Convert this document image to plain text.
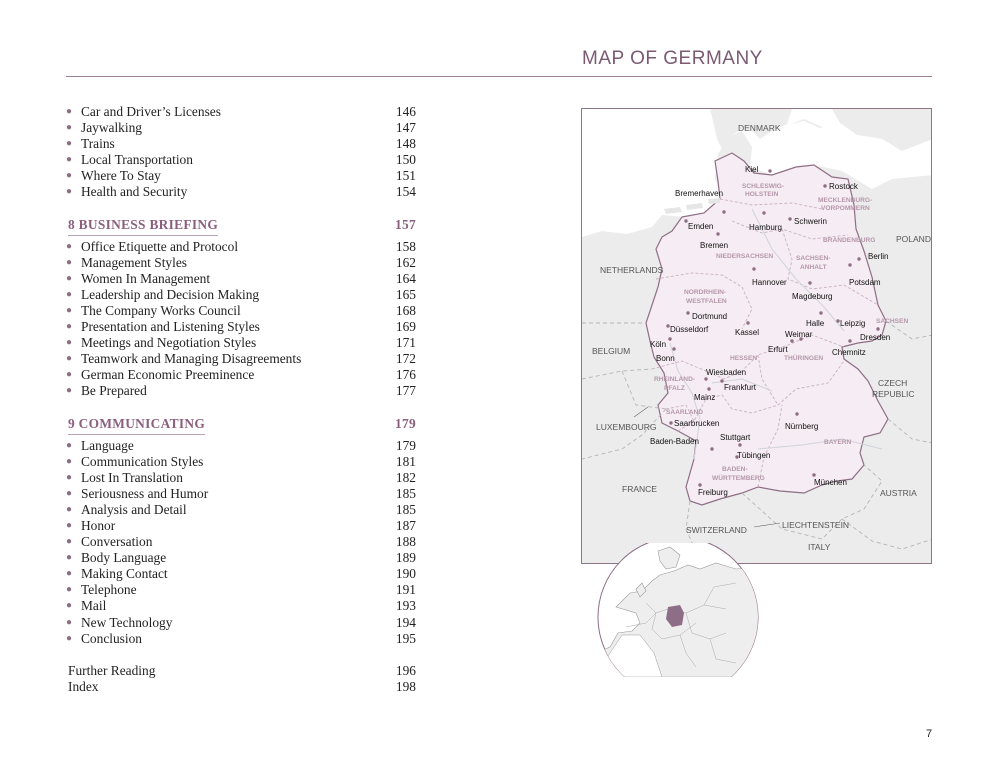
MAP OF GERMANY
● Car and Driver’s Licenses	146
● Jaywalking	147
● Trains	148
● Local Transportation	150
● Where To Stay	151
● Health and Security	154
8 BUSINESS BRIEFING	157
● Office Etiquette and Protocol	158
● Management Styles	162
● Women In Management	164
● Leadership and Decision Making	165
● The Company Works Council	168
● Presentation and Listening Styles	169
● Meetings and Negotiation Styles	171
● Teamwork and Managing Disagreements	172
● German Economic Preeminence	176
● Be Prepared	177
9 COMMUNICATING	179
● Language	179
● Communication Styles	181
● Lost In Translation	182
● Seriousness and Humor	185
● Analysis and Detail	185
● Honor	187
● Conversation	188
● Body Language	189
● Making Contact	190
● Telephone	191
● Mail	193
● New Technology	194
● Conclusion	195
Further Reading	196
Index	198
DENMARK
POLAND
NETHERLANDS
BELGIUM
LUXEMBOURG
FRANCE
SWITZERLAND	LIECHTENSTEIN
ITALY
AUSTRIA
CZECH
REPUBLIC
SCHLESWIG-
HOLSTEIN
MECKLENBURG-
VORPOMMERN
BRANDENBURG
NIEDERSACHSEN	SACHSEN-
ANHALT
NORDRHEIN-
WESTFALEN
SACHSEN
HESSEN	THÜRINGEN
RHEINLAND-
PFALZ
SAARLAND
BAYERN
BADEN-
WÜRTTEMBERG
Kiel
Rostock
Bremerhaven
Emden	Hamburg
Schwerin
Bremen
Berlin
Hannover	Potsdam
Magdeburg
Dortmund
Halle Leipzig
Düsseldorf	Kassel	Weimar	Dresden
Köln
Erfurt	Chemnitz
Bonn
Wiesbaden
Frankfurt
Mainz
Saarbrucken	Nürnberg
Stuttgart
Baden-Baden
Tübingen
München
Freiburg
7
